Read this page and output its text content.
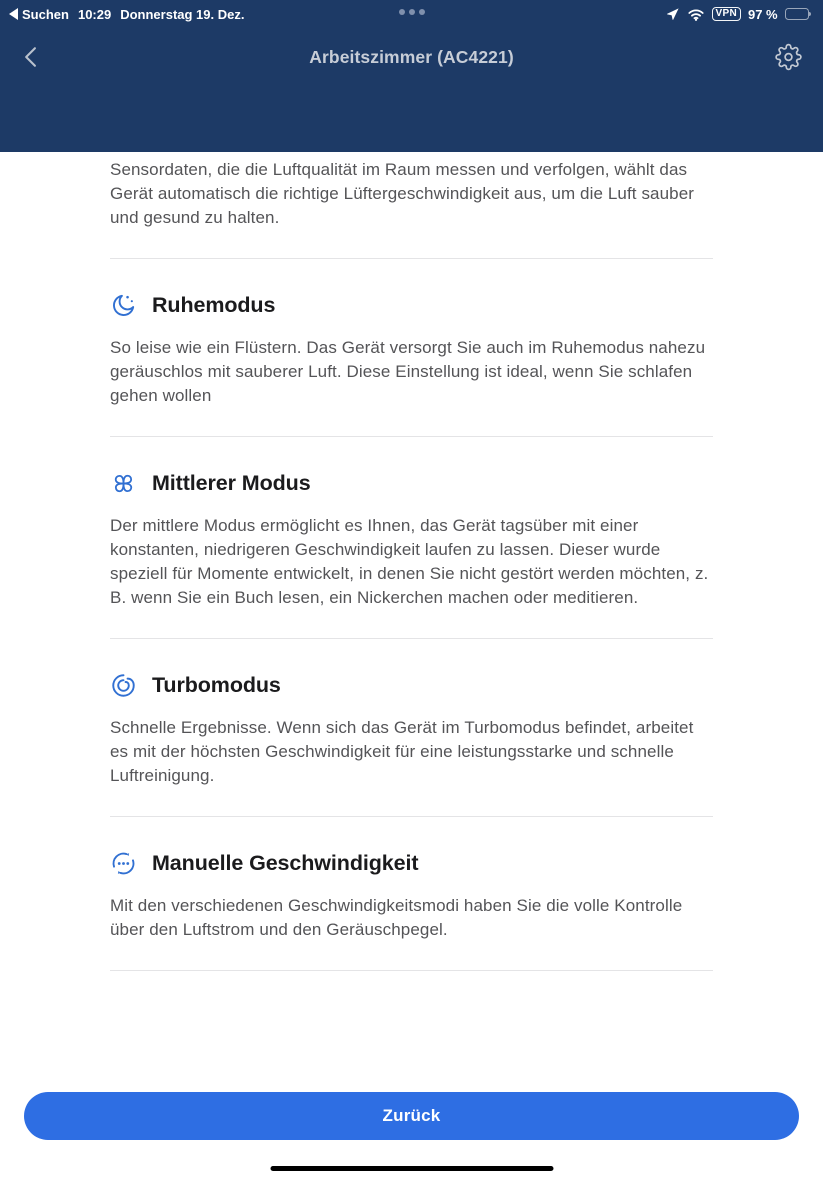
Suchen 10:29 Donnerstag 19. Dez.	VPN 97 %
Arbeitszimmer (AC4221)

Sensordaten, die die Luftqualität im Raum messen und verfolgen, wählt das Gerät automatisch die richtige Lüftergeschwindigkeit aus, um die Luft sauber und gesund zu halten.

Ruhemodus

So leise wie ein Flüstern. Das Gerät versorgt Sie auch im Ruhemodus nahezu geräuschlos mit sauberer Luft. Diese Einstellung ist ideal, wenn Sie schlafen gehen wollen

Mittlerer Modus

Der mittlere Modus ermöglicht es Ihnen, das Gerät tagsüber mit einer konstanten, niedrigeren Geschwindigkeit laufen zu lassen. Dieser wurde speziell für Momente entwickelt, in denen Sie nicht gestört werden möchten, z. B. wenn Sie ein Buch lesen, ein Nickerchen machen oder meditieren.

Turbomodus

Schnelle Ergebnisse. Wenn sich das Gerät im Turbomodus befindet, arbeitet es mit der höchsten Geschwindigkeit für eine leistungsstarke und schnelle Luftreinigung.

Manuelle Geschwindigkeit

Mit den verschiedenen Geschwindigkeitsmodi haben Sie die volle Kontrolle über den Luftstrom und den Geräuschpegel.

Zurück
